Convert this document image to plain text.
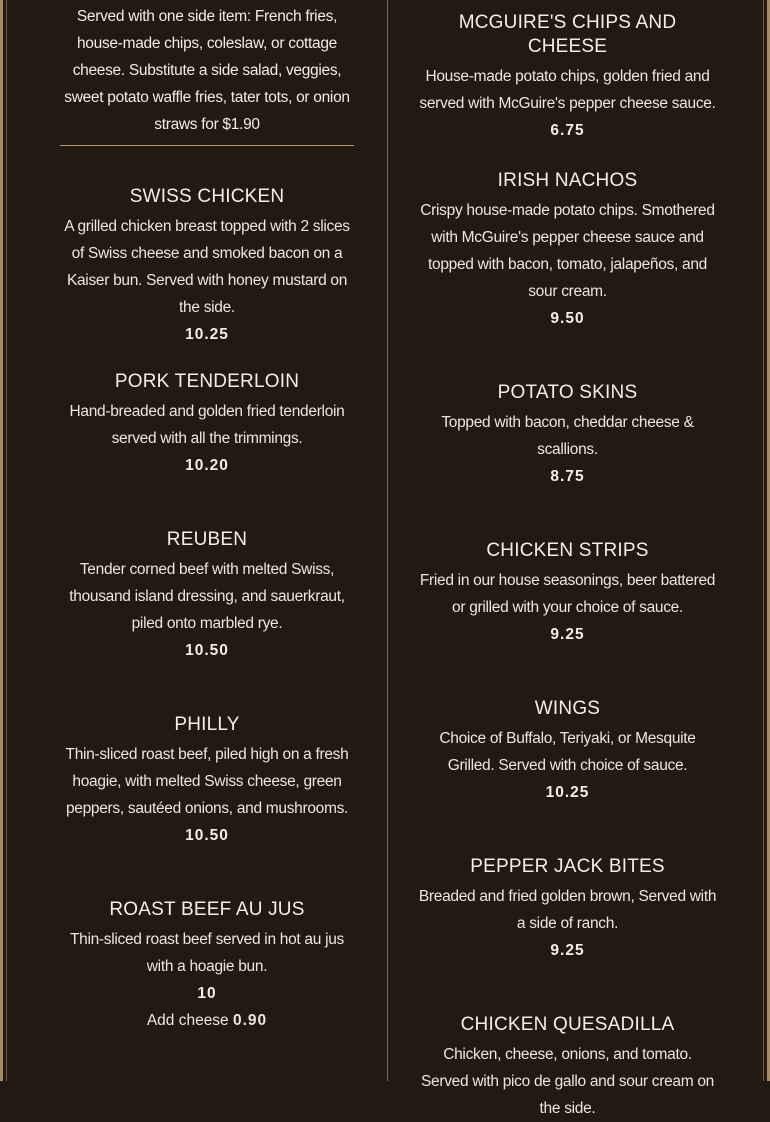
Served with one side item: French fries, house-made chips, coleslaw, or cottage cheese. Substitute a side salad, veggies, sweet potato waffle fries, tater tots, or onion straws for $1.90
SWISS CHICKEN
A grilled chicken breast topped with 2 slices of Swiss cheese and smoked bacon on a Kaiser bun. Served with honey mustard on the side.
10.25
PORK TENDERLOIN
Hand-breaded and golden fried tenderloin served with all the trimmings.
10.20
REUBEN
Tender corned beef with melted Swiss, thousand island dressing, and sauerkraut, piled onto marbled rye.
10.50
PHILLY
Thin-sliced roast beef, piled high on a fresh hoagie, with melted Swiss cheese, green peppers, sautéed onions, and mushrooms.
10.50
ROAST BEEF AU JUS
Thin-sliced roast beef served in hot au jus with a hoagie bun.
10
Add cheese 0.90
MCGUIRE'S CHIPS AND CHEESE
House-made potato chips, golden fried and served with McGuire's pepper cheese sauce.
6.75
IRISH NACHOS
Crispy house-made potato chips. Smothered with McGuire's pepper cheese sauce and topped with bacon, tomato, jalapeños, and sour cream.
9.50
POTATO SKINS
Topped with bacon, cheddar cheese & scallions.
8.75
CHICKEN STRIPS
Fried in our house seasonings, beer battered or grilled with your choice of sauce.
9.25
WINGS
Choice of Buffalo, Teriyaki, or Mesquite Grilled. Served with choice of sauce.
10.25
PEPPER JACK BITES
Breaded and fried golden brown, Served with a side of ranch.
9.25
CHICKEN QUESADILLA
Chicken, cheese, onions, and tomato. Served with pico de gallo and sour cream on the side.
